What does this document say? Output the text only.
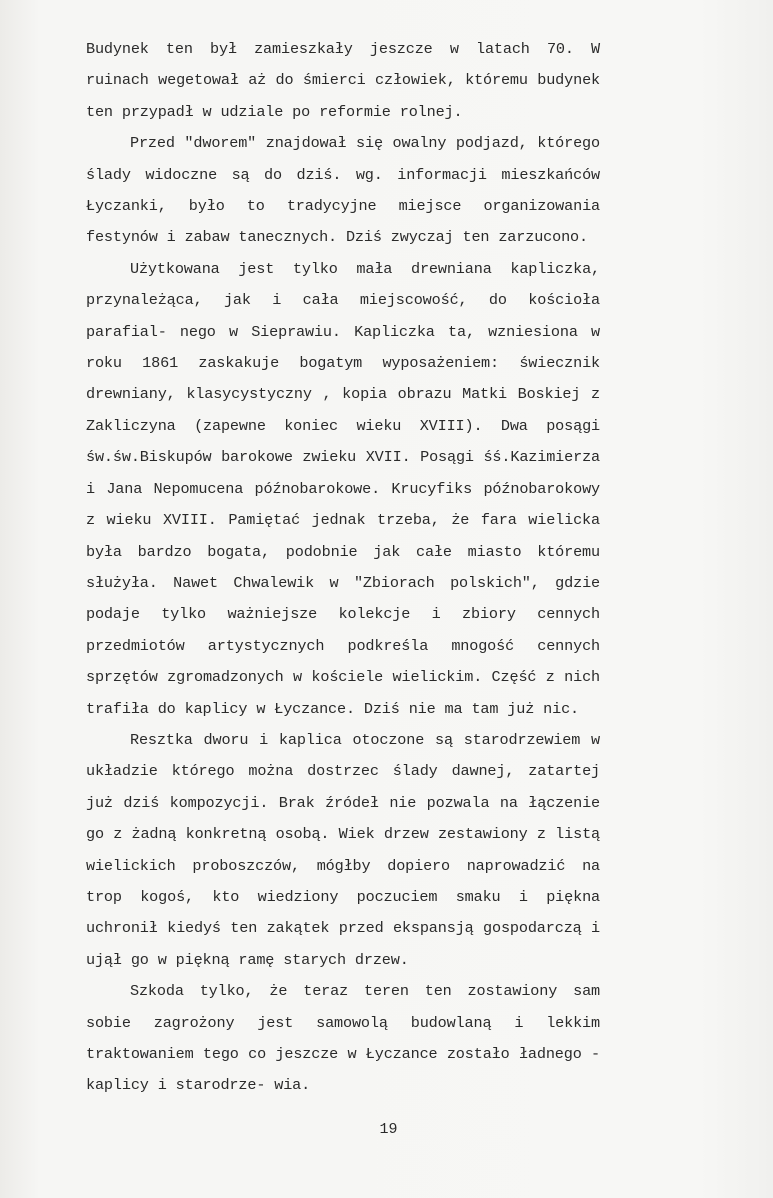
Budynek ten był zamieszkały jeszcze w latach 70. W ruinach wegetował aż do śmierci człowiek, któremu budynek ten przypadł w udziale po reformie rolnej.

Przed "dworem" znajdował się owalny podjazd, którego ślady widoczne są do dziś. wg. informacji mieszkańców Łyczanki, było to tradycyjne miejsce organizowania festynów i zabaw tanecznych. Dziś zwyczaj ten zarzucono.

Użytkowana jest tylko mała drewniana kapliczka, przynależąca, jak i cała miejscowość, do kościoła parafial- nego w Sieprawiu. Kapliczka ta, wzniesiona w roku 1861 zaskakuje bogatym wyposażeniem: świecznik drewniany, klasycystyczny , kopia obrazu Matki Boskiej z Zakliczyna (zapewne koniec wieku XVIII). Dwa posągi św.św.Biskupów barokowe zwieku XVII. Posągi śś.Kazimierza i Jana Nepomucena późnobarokowe. Krucyfiks późnobarokowy z wieku XVIII. Pamiętać jednak trzeba, że fara wielicka była bardzo bogata, podobnie jak całe miasto któremu służyła. Nawet Chwalewik w "Zbiorach polskich", gdzie podaje tylko ważniejsze kolekcje i zbiory cennych przedmiotów artystycznych podkreśla mnogość cennych sprzętów zgromadzonych w kościele wielickim. Część z nich trafiła do kaplicy w Łyczance. Dziś nie ma tam już nic.

Resztka dworu i kaplica otoczone są starodrzewiem w układzie którego można dostrzec ślady dawnej, zatartej już dziś kompozycji. Brak źródeł nie pozwala na łączenie go z żadną konkretną osobą. Wiek drzew zestawiony z listą wielickich proboszczów, mógłby dopiero naprowadzić na trop kogoś, kto wiedziony poczuciem smaku i piękna uchronił kiedyś ten zakątek przed ekspansją gospodarczą i ujął go w piękną ramę starych drzew.

Szkoda tylko, że teraz teren ten zostawiony sam sobie zagrożony jest samowolą budowlaną i lekkim traktowaniem tego co jeszcze w Łyczance zostało ładnego - kaplicy i starodrze- wia.

19
